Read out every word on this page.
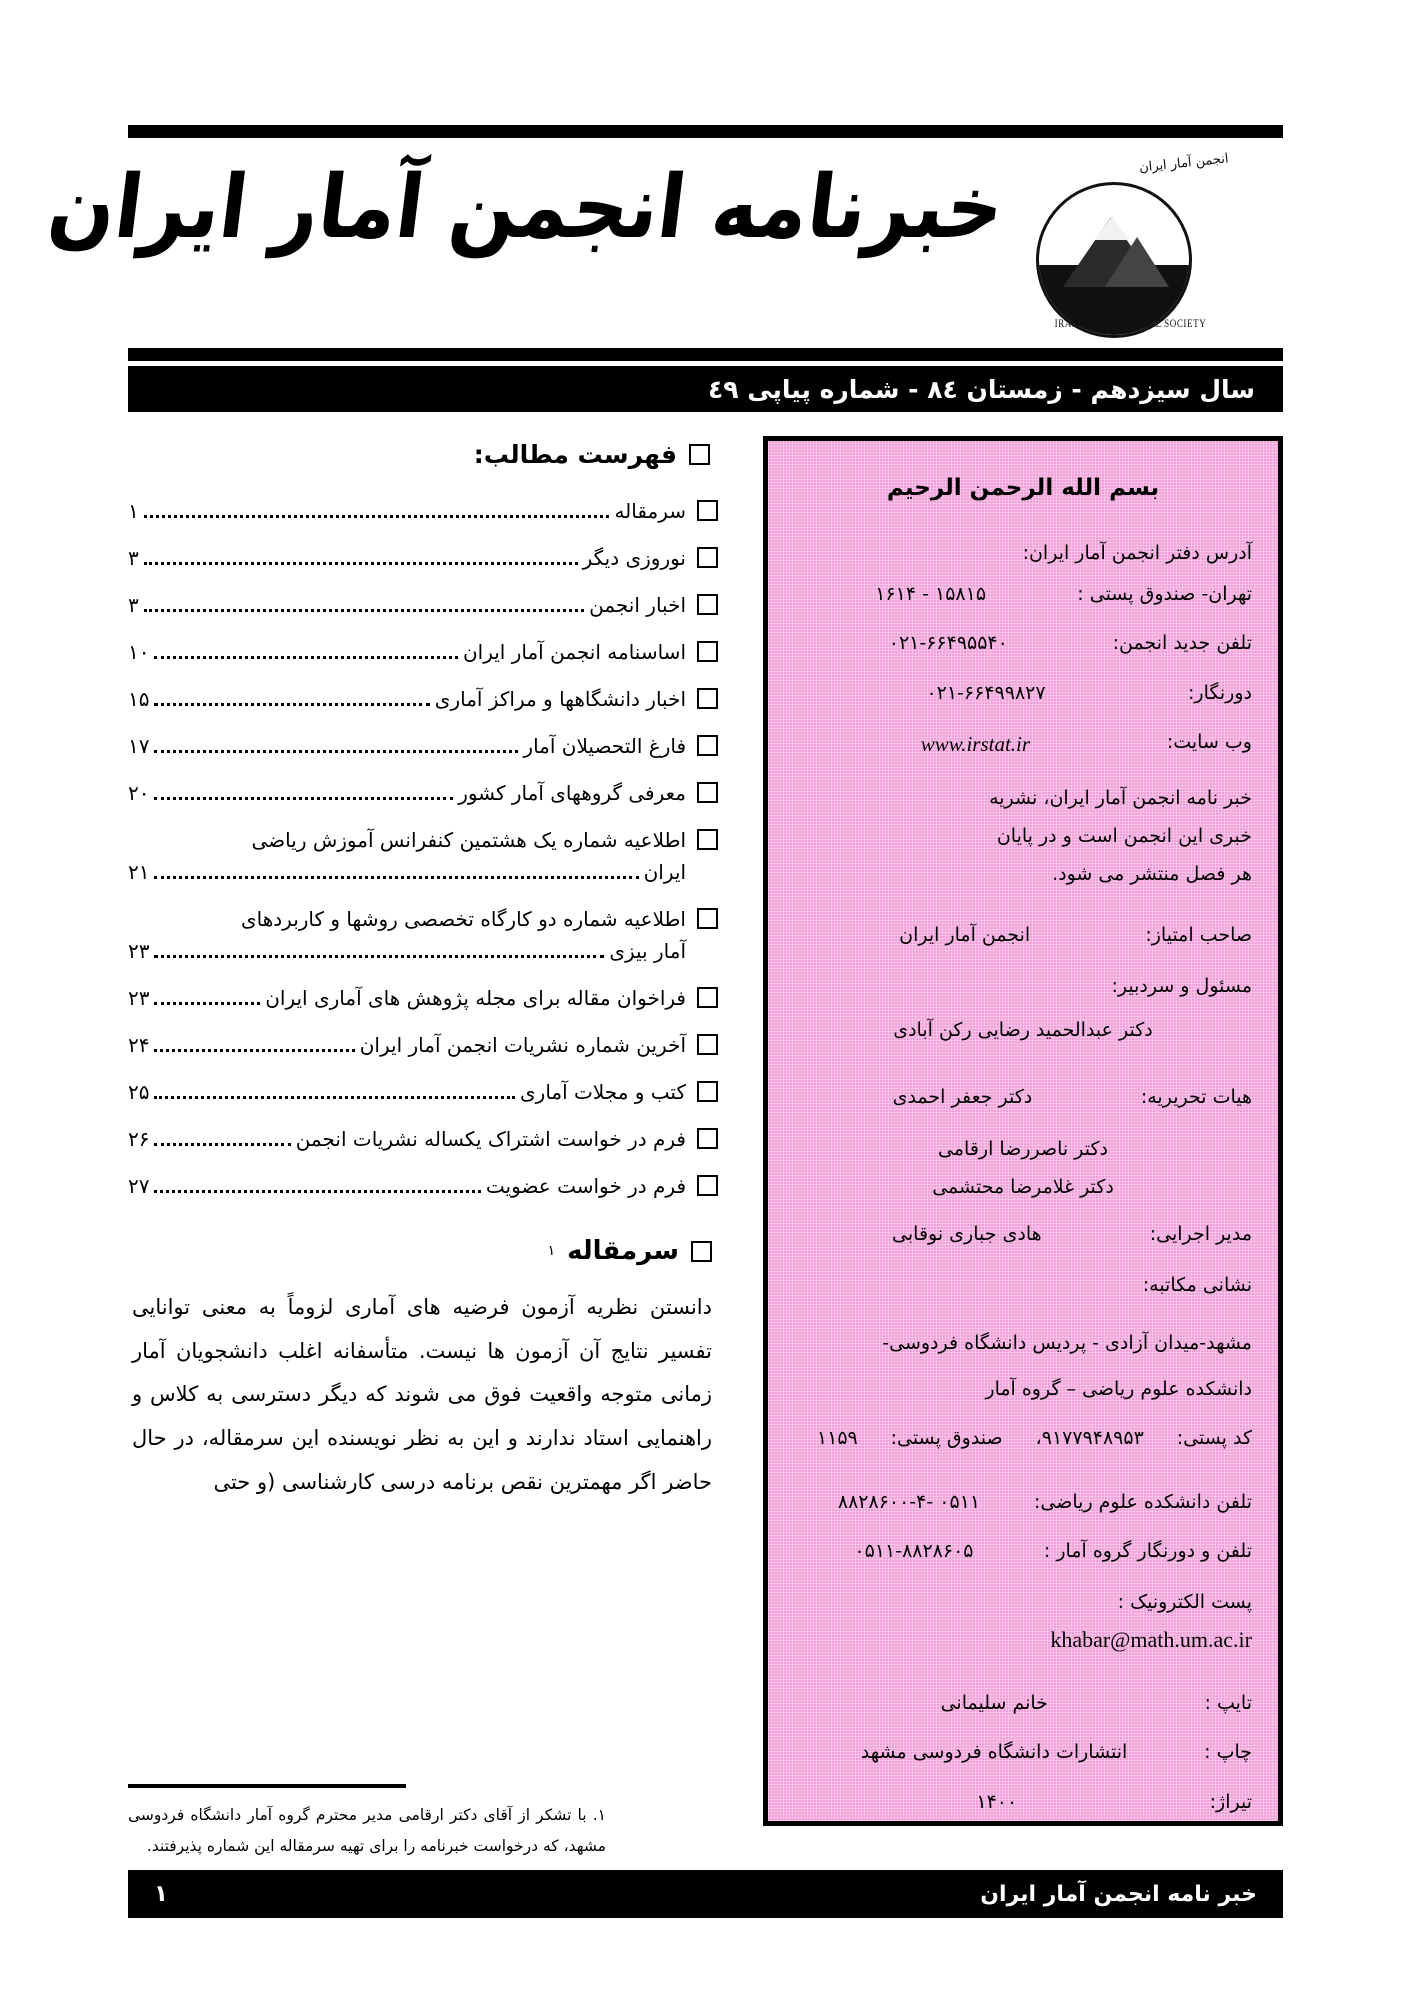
انجمن آمار ایران
IRANIAN STATISTICAL SOCIETY
خبرنامه انجمن آمار ایران
سال سیزدهم - زمستان ٨٤ - شماره پیاپی ٤٩
بسم الله الرحمن الرحیم
آدرس دفتر انجمن آمار ایران:
تهران- صندوق پستی :
۱۵۸۱۵ - ۱۶۱۴
تلفن جدید انجمن:
۰۲۱-۶۶۴۹۵۵۴۰
دورنگار:
۰۲۱-۶۶۴۹۹۸۲۷
وب سایت:
www.irstat.ir
خبر نامه انجمن آمار ایران، نشریه
خبری این انجمن است و در پایان
هر فصل منتشر می شود.
صاحب امتیاز:
انجمن آمار ایران
مسئول و سردبیر:
دکتر عبدالحمید رضایی رکن آبادی
هیات تحریریه:
دکتر جعفر احمدی
دکتر ناصررضا ارقامی
دکتر غلامرضا محتشمی
مدیر اجرایی:
هادی جباری نوقابی
نشانی مکاتبه:
مشهد-میدان آزادی - پردیس دانشگاه فردوسی-
دانشکده علوم ریاضی – گروه آمار
کد پستی:
۹۱۷۷۹۴۸۹۵۳،
صندوق پستی:
۱۱۵۹
تلفن دانشکده علوم ریاضی:
۰۵۱۱ -۸۸۲۸۶۰۰-۴
تلفن و دورنگار گروه آمار :
۰۵۱۱-۸۸۲۸۶۰۵
پست الکترونیک :
khabar@math.um.ac.ir
تایپ :
خانم سلیمانی
چاپ :
انتشارات دانشگاه فردوسی مشهد
تیراژ:
۱۴۰۰
فهرست مطالب:
سرمقاله
۱
نوروزی دیگر
۳
اخبار انجمن
۳
اساسنامه انجمن آمار ایران
۱۰
اخبار دانشگاهها و مراکز آماری
۱۵
فارغ التحصیلان آمار
۱۷
معرفی گروههای آمار کشور
۲۰
اطلاعیه شماره یک هشتمین کنفرانس آموزش ریاضی
ایران
۲۱
اطلاعیه شماره دو کارگاه تخصصی روشها و کاربردهای
آمار بیزی
۲۳
فراخوان مقاله برای مجله پژوهش های آماری ایران
۲۳
آخرین شماره نشریات انجمن آمار ایران
۲۴
کتب و مجلات آماری
۲۵
فرم در خواست اشتراک یکساله نشریات انجمن
۲۶
فرم در خواست عضویت
۲۷
سرمقاله
۱

دانستن نظریه آزمون فرضیه های آماری لزوماً به معنی توانایی تفسیر نتایج آن آزمون ها نیست. متأسفانه اغلب دانشجویان آمار زمانی متوجه واقعیت فوق می شوند که دیگر دسترسی به کلاس و راهنمایی استاد ندارند و این به نظر نویسنده این سرمقاله، در حال حاضر اگر مهمترین نقص برنامه درسی کارشناسی (و حتی

۱. با تشکر از آقای دکتر ارقامی مدیر محترم گروه آمار دانشگاه فردوسی مشهد، که درخواست خبرنامه را برای تهیه سرمقاله این شماره پذیرفتند.
خبر نامه انجمن آمار ایران
۱
